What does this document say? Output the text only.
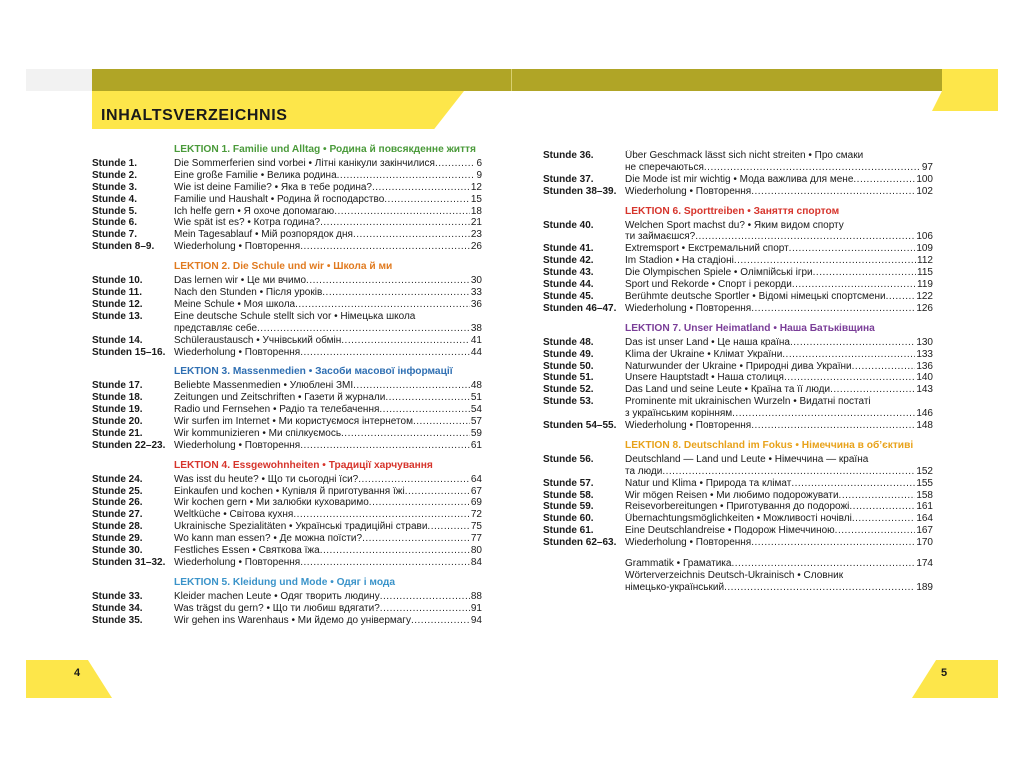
INHALTSVERZEICHNIS
4	5
LEKTION 1. Familie und Alltag • Родина й повсякденне життя
Stunde 1.	Die Sommerferien sind vorbei • Літні канікули закінчилися .....	6
Stunde 2.	Eine große Familie • Велика родина .....	9
Stunde 3.	Wie ist deine Familie? • Яка в тебе родина? .....	12
Stunde 4.	Familie und Haushalt • Родина й господарство .....	15
Stunde 5.	Ich helfe gern • Я охоче допомагаю .....	18
Stunde 6.	Wie spät ist es? • Котра година? .....	21
Stunde 7.	Mein Tagesablauf • Мій розпорядок дня .....	23
Stunden 8–9.	Wiederholung • Повторення .....	26
LEKTION 2. Die Schule und wir • Школа й ми
Stunde 10.	Das lernen wir • Це ми вчимо .....	30
Stunde 11.	Nach den Stunden • Після уроків .....	33
Stunde 12.	Meine Schule • Моя школа .....	36
Stunde 13.	Eine deutsche Schule stellt sich vor • Німецька школа
представляє себе .....	38
Stunde 14.	Schüleraustausch • Учнівський обмін .....	41
Stunden 15–16. Wiederholung • Повторення .....	44
LEKTION 3. Massenmedien • Засоби масової інформації
Stunde 17.	Beliebte Massenmedien • Улюблені ЗМІ .....	48
Stunde 18.	Zeitungen und Zeitschriften • Газети й журнали .....	51
Stunde 19.	Radio und Fernsehen • Радіо та телебачення .....	54
Stunde 20.	Wir surfen im Internet • Ми користуємося інтернетом .....	57
Stunde 21.	Wir kommunizieren • Ми спілкуємось .....	59
Stunden 22–23. Wiederholung • Повторення .....	61
LEKTION 4. Essgewohnheiten • Традиції харчування
Stunde 24.	Was isst du heute? • Що ти сьогодні їси? .....	64
Stunde 25.	Einkaufen und kochen • Купівля й приготування їжі .....	67
Stunde 26.	Wir kochen gern • Ми залюбки куховаримо .....	69
Stunde 27.	Weltküche • Світова кухня .....	72
Stunde 28.	Ukrainische Spezialitäten • Українські традиційні страви .....	75
Stunde 29.	Wo kann man essen? • Де можна поїсти? .....	77
Stunde 30.	Festliches Essen • Святкова їжа .....	80
Stunden 31–32. Wiederholung • Повторення .....	84
LEKTION 5. Kleidung und Mode • Одяг і мода
Stunde 33.	Kleider machen Leute • Одяг творить людину .....	88
Stunde 34.	Was trägst du gern? • Що ти любиш вдягати? .....	91
Stunde 35.	Wir gehen ins Warenhaus • Ми йдемо до універмагу .....	94
Stunde 36.	Über Geschmack lässt sich nicht streiten • Про смаки
не сперечаються .....	97
Stunde 37.	Die Mode ist mir wichtig • Мода важлива для мене .....	100
Stunden 38–39. Wiederholung • Повторення .....	102
LEKTION 6. Sporttreiben • Заняття спортом
Stunde 40.	Welchen Sport machst du? • Яким видом спорту
ти займаєшся? .....	106
Stunde 41.	Extremsport • Екстремальний спорт .....	109
Stunde 42.	Im Stadion • На стадіоні .....	112
Stunde 43.	Die Olympischen Spiele • Олімпійські ігри .....	115
Stunde 44.	Sport und Rekorde • Спорт і рекорди .....	119
Stunde 45.	Berühmte deutsche Sportler • Відомі німецькі спортсмени .....	122
Stunden 46–47. Wiederholung • Повторення .....	126
LEKTION 7. Unser Heimatland • Наша Батьківщина
Stunde 48.	Das ist unser Land • Це наша країна .....	130
Stunde 49.	Klima der Ukraine • Клімат України .....	133
Stunde 50.	Naturwunder der Ukraine • Природні дива України .....	136
Stunde 51.	Unsere Hauptstadt • Наша столиця .....	140
Stunde 52.	Das Land und seine Leute • Країна та її люди .....	143
Stunde 53.	Prominente mit ukrainischen Wurzeln • Видатні постаті
з українським корінням .....	146
Stunden 54–55. Wiederholung • Повторення .....	148
LEKTION 8. Deutschland im Fokus • Німеччина в об’єктиві
Stunde 56.	Deutschland — Land und Leute • Німеччина — країна
та люди .....	152
Stunde 57.	Natur und Klima • Природа та клімат .....	155
Stunde 58.	Wir mögen Reisen • Ми любимо подорожувати .....	158
Stunde 59.	Reisevorbereitungen • Приготування до подорожі .....	161
Stunde 60.	Übernachtungsmöglichkeiten • Можливості ночівлі .....	164
Stunde 61.	Eine Deutschlandreise • Подорож Німеччиною .....	167
Stunden 62–63. Wiederholung • Повторення .....	170
Grammatik • Граматика .....	174
Wörterverzeichnis Deutsch-Ukrainisch • Словник
німецько-український .....	189
